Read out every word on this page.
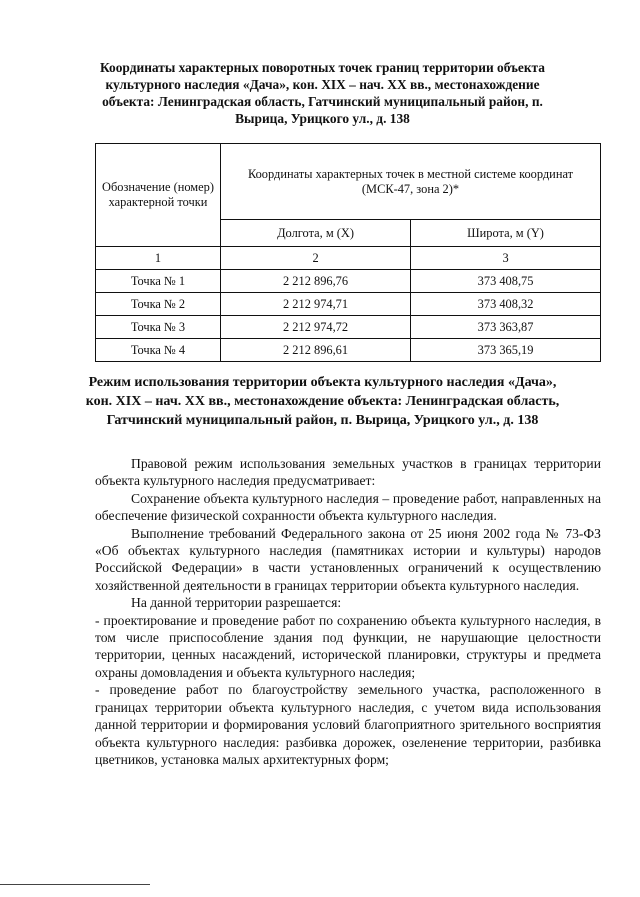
Координаты характерных поворотных точек границ территории объекта культурного наследия «Дача», кон. XIX – нач. XX вв., местонахождение объекта: Ленинградская область, Гатчинский муниципальный район, п. Вырица, Урицкого ул., д. 138
Обозначение (номер) характерной точки	Координаты характерных точек в местной системе координат (МСК-47, зона 2)*	
	Долгота, м (X)	Широта, м (Y)
1	2	3
Точка № 1	2 212 896,76	373 408,75
Точка № 2	2 212 974,71	373 408,32
Точка № 3	2 212 974,72	373 363,87
Точка № 4	2 212 896,61	373 365,19
Режим использования территории объекта культурного наследия «Дача», кон. XIX – нач. XX вв., местонахождение объекта: Ленинградская область, Гатчинский муниципальный район, п. Вырица, Урицкого ул., д. 138

Правовой режим использования земельных участков в границах территории объекта культурного наследия предусматривает:

Сохранение объекта культурного наследия – проведение работ, направленных на обеспечение физической сохранности объекта культурного наследия.

Выполнение требований Федерального закона от 25 июня 2002 года № 73-ФЗ «Об объектах культурного наследия (памятниках истории и культуры) народов Российской Федерации» в части установленных ограничений к осуществлению хозяйственной деятельности в границах территории объекта культурного наследия.

На данной территории разрешается:

- проектирование и проведение работ по сохранению объекта культурного наследия, в том числе приспособление здания под функции, не нарушающие целостности территории, ценных насаждений, исторической планировки, структуры и предмета охраны домовладения и объекта культурного наследия;

- проведение работ по благоустройству земельного участка, расположенного в границах территории объекта культурного наследия, с учетом вида использования данной территории и формирования условий благоприятного зрительного восприятия объекта культурного наследия: разбивка дорожек, озеленение территории, разбивка цветников, установка малых архитектурных форм;
